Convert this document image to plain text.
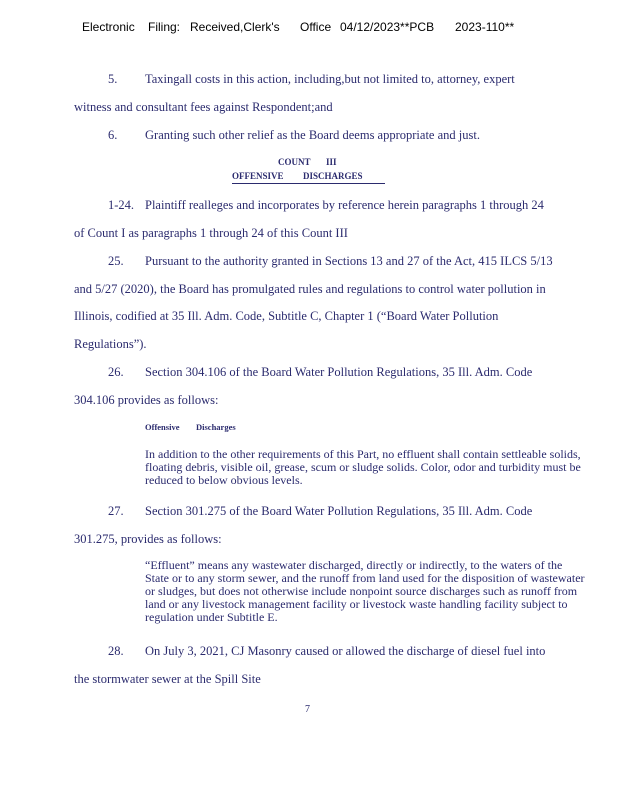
Electronic Filing: Received,Clerk's Office 04/12/2023**PCB 2023-110**
5. Taxingall costs in this action, including,but not limited to, attorney, expert
witness and consultant fees against Respondent;and
6. Granting such other relief as the Board deems appropriate and just.
COUNT III
OFFENSIVE DISCHARGES
1-24. Plaintiff realleges and incorporates by reference herein paragraphs 1 through 24
of Count I as paragraphs 1 through 24 of this Count III
25. Pursuant to the authority granted in Sections 13 and 27 of the Act, 415 ILCS 5/13
and 5/27 (2020), the Board has promulgated rules and regulations to control water pollution in
Illinois, codified at 35 Ill. Adm. Code, Subtitle C, Chapter 1 (“Board Water Pollution
Regulations”).
26. Section 304.106 of the Board Water Pollution Regulations, 35 Ill. Adm. Code
304.106 provides as follows:
Offensive Discharges
In addition to the other requirements of this Part, no effluent shall contain settleable solids, floating debris, visible oil, grease, scum or sludge solids. Color, odor and turbidity must be reduced to below obvious levels.
27. Section 301.275 of the Board Water Pollution Regulations, 35 Ill. Adm. Code
301.275, provides as follows:
“Effluent” means any wastewater discharged, directly or indirectly, to the waters of the State or to any storm sewer, and the runoff from land used for the disposition of wastewater or sludges, but does not otherwise include nonpoint source discharges such as runoff from land or any livestock management facility or livestock waste handling facility subject to regulation under Subtitle E.
28. On July 3, 2021, CJ Masonry caused or allowed the discharge of diesel fuel into
the stormwater sewer at the Spill Site
7
